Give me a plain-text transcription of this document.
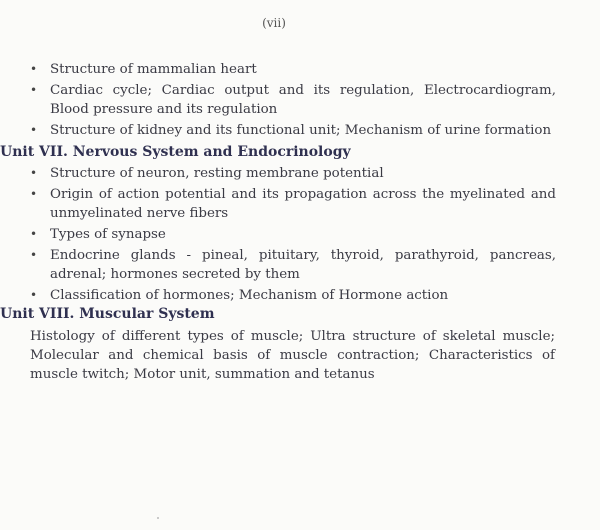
(vii)
• Structure of mammalian heart
• Cardiac cycle; Cardiac output and its regulation, Electrocardiogram, Blood pressure and its regulation
• Structure of kidney and its functional unit; Mechanism of urine formation
Unit VII. Nervous System and Endocrinology
• Structure of neuron, resting membrane potential
• Origin of action potential and its propagation across the myelinated and unmyelinated nerve fibers
• Types of synapse
• Endocrine glands - pineal, pituitary, thyroid, parathyroid, pancreas, adrenal; hormones secreted by them
• Classification of hormones; Mechanism of Hormone action
Unit VIII. Muscular System

Histology of different types of muscle; Ultra structure of skeletal muscle; Molecular and chemical basis of muscle contraction; Characteristics of muscle twitch; Motor unit, summation and tetanus
